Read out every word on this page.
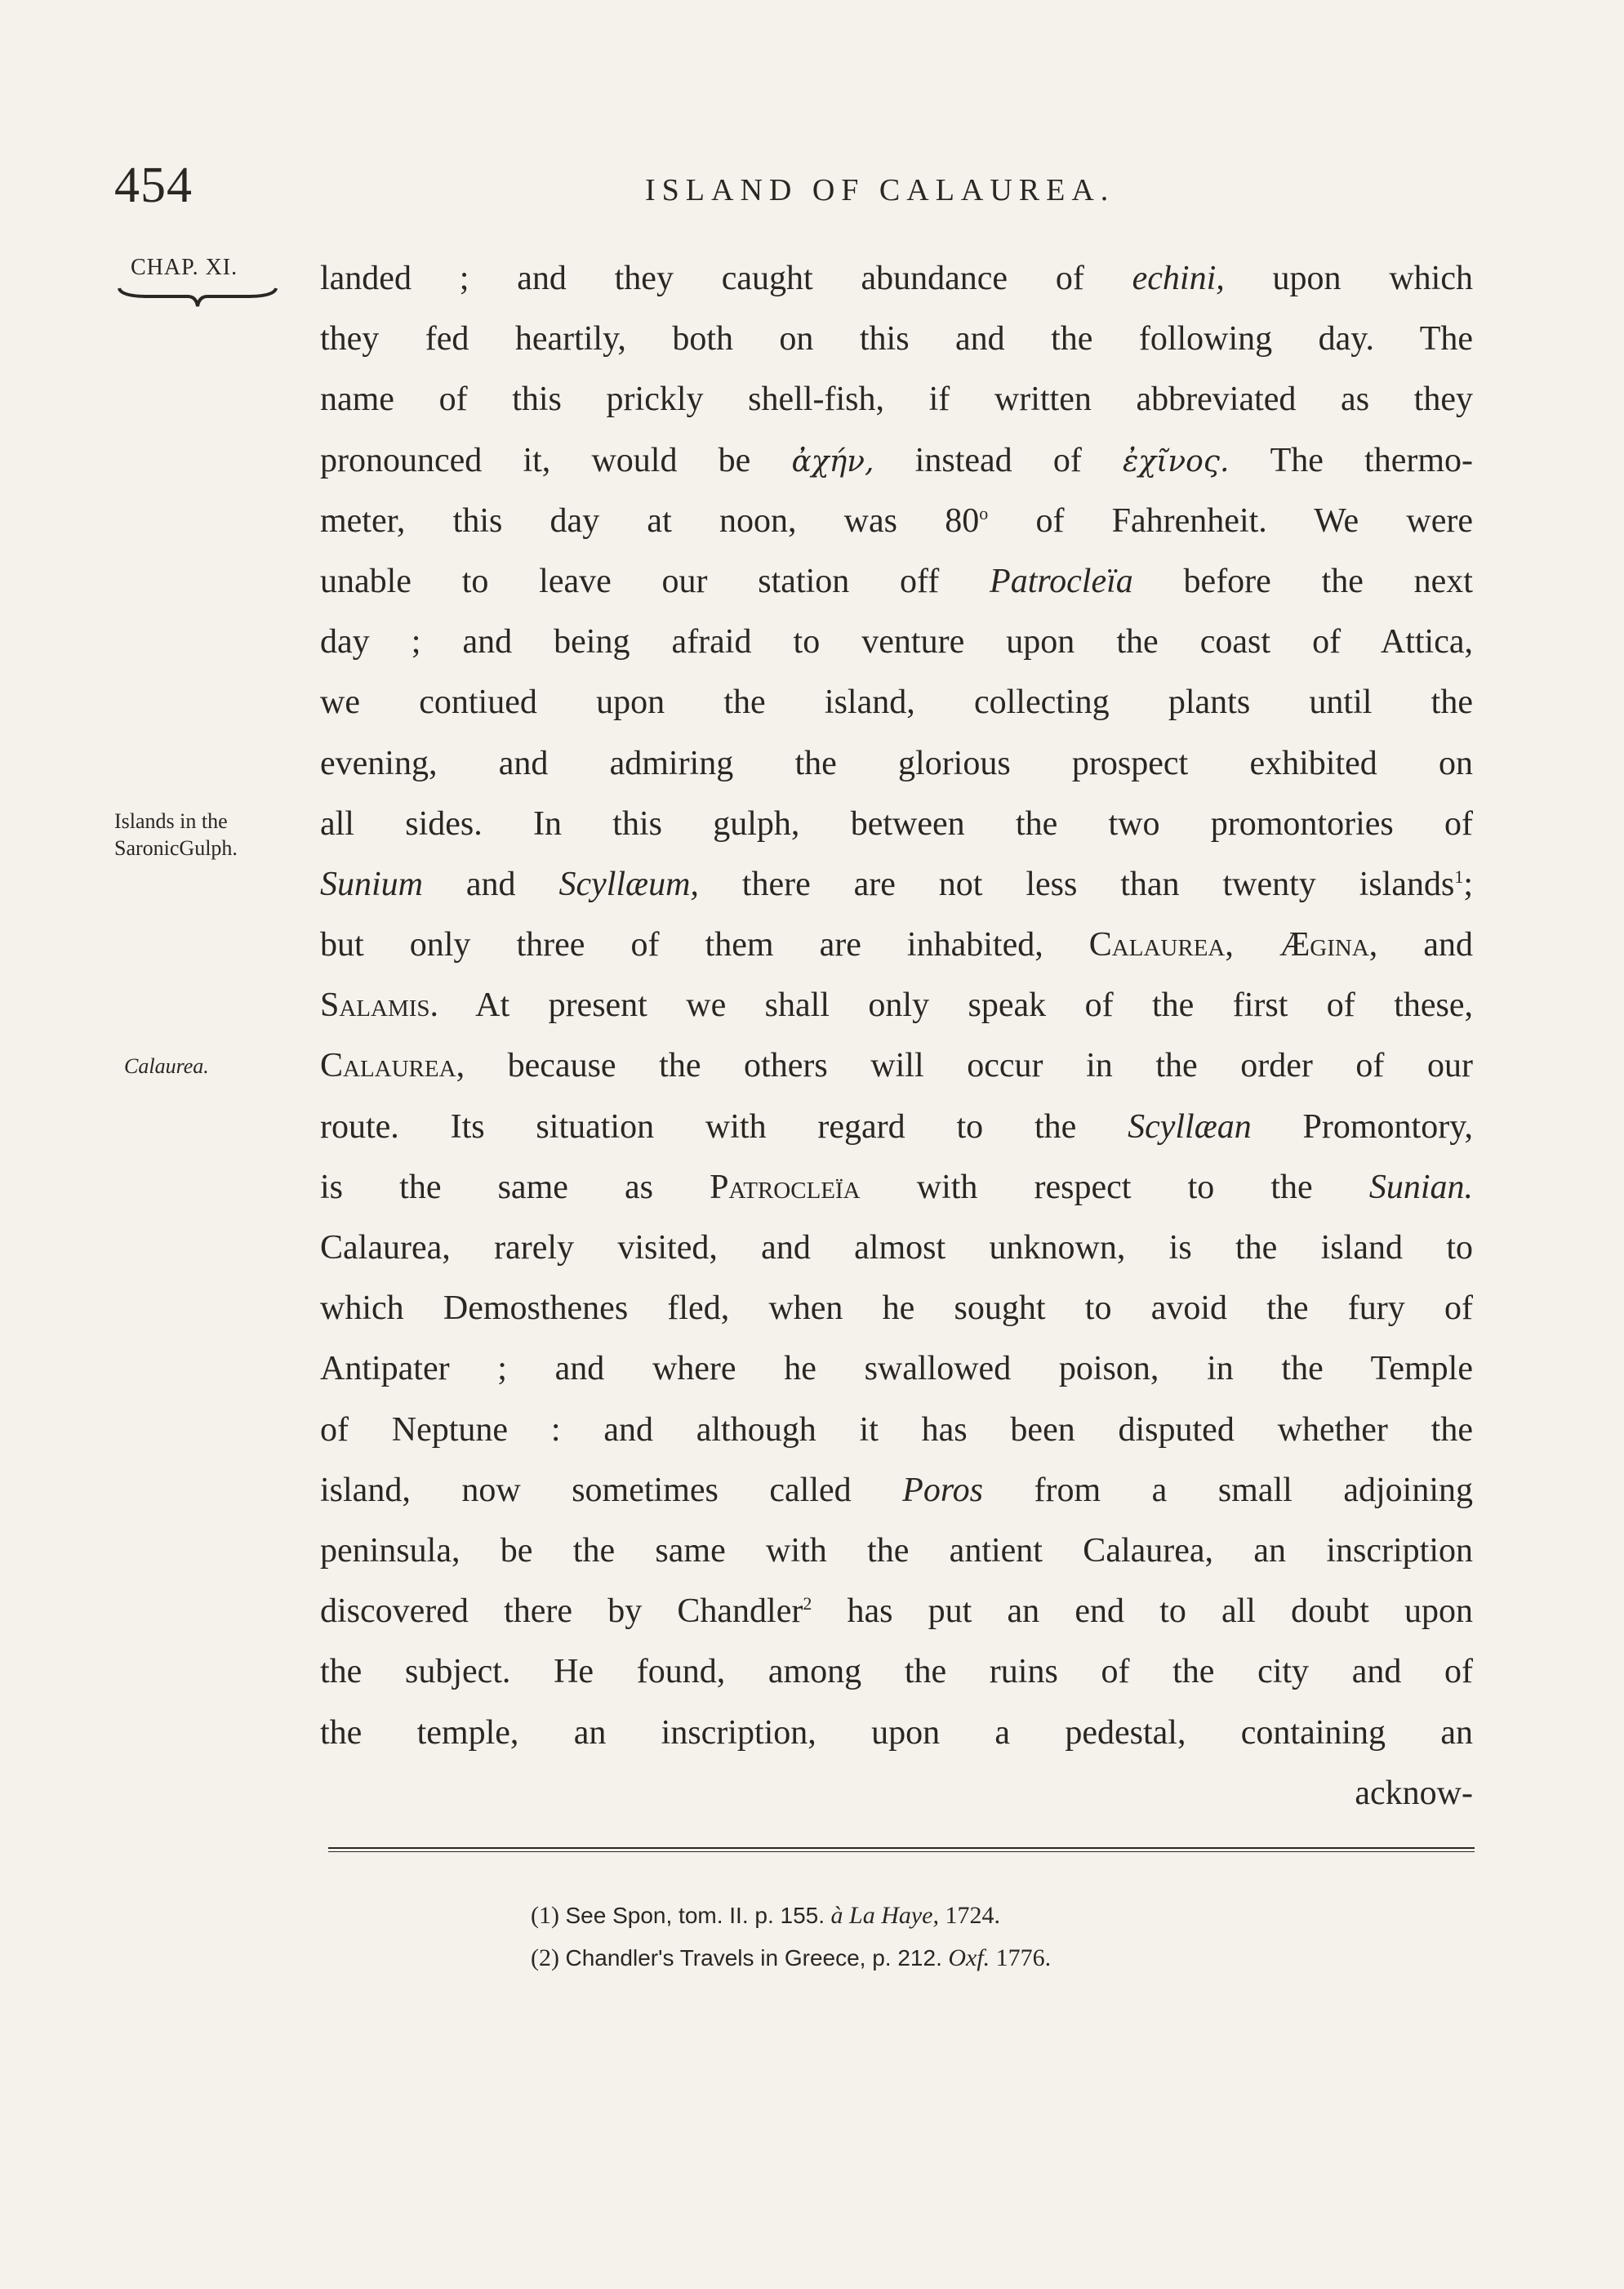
454	ISLAND OF CALAUREA.
CHAP. XI.
Islands in the
SaronicGulph.
Calaurea.
landed ; and they caught abundance of echini, upon which
they fed heartily, both on this and the following day. The
name of this prickly shell-fish, if written abbreviated as they
pronounced it, would be ἀχήν, instead of ἐχῖνος. The thermo-
meter, this day at noon, was 80$^o$ of Fahrenheit. We were
unable to leave our station off Patrocleïa before the next
day ; and being afraid to venture upon the coast of Attica,
we contiued upon the island, collecting plants until the
evening, and admiring the glorious prospect exhibited on
all sides. In this gulph, between the two promontories of
Sunium and Scyllæum, there are not less than twenty islands$^1$;
but only three of them are inhabited, Calaurea, Ægina, and
Salamis. At present we shall only speak of the first of these,
Calaurea, because the others will occur in the order of our
route. Its situation with regard to the Scyllæan Promontory,
is the same as Patrocleïa with respect to the Sunian.
Calaurea, rarely visited, and almost unknown, is the island to
which Demosthenes fled, when he sought to avoid the fury of
Antipater ; and where he swallowed poison, in the Temple
of Neptune : and although it has been disputed whether the
island, now sometimes called Poros from a small adjoining
peninsula, be the same with the antient Calaurea, an inscription
discovered there by Chandler$^2$ has put an end to all doubt upon
the subject. He found, among the ruins of the city and of
the temple, an inscription, upon a pedestal, containing an
acknow-
(1) See Spon, tom. II. p. 155. à La Haye, 1724.
(2) Chandler's Travels in Greece, p. 212. Oxf. 1776.
